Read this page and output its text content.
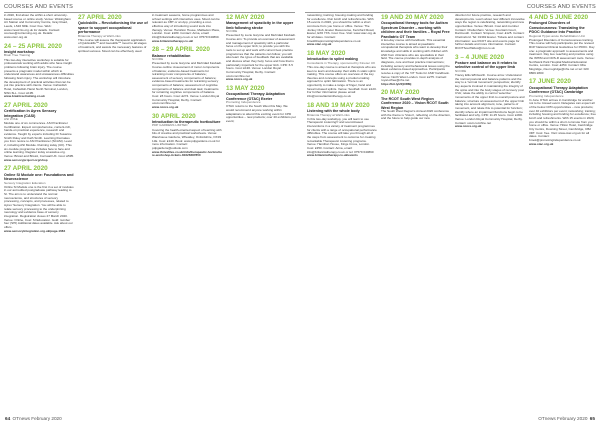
COURSES AND EVENTS	COURSES AND EVENTS

in 2020, find about the within a short university-based course or online study. Venue: Wokingham Art Station and Community Centre, Gray Road, Leeds, LS16 6RE. Cost: free. Web: www.crescrnts.org.uk for details. Contact: courses@cotnursing.org.uk. Details: www.otsrc.org.uk

24 – 25 APRIL 2020

Insight workshop

Brain Tree Training

This two-day interactive workshop is suitable for professionals working with adults who have insight problems following brain injury. The course presents a pragmatic model within which to understand awareness and unawareness difficulties following brain injury. The workshop will introduce the development of practical activities that can be put into practice with clients. Venue: Cahwdish Hotel, Cahwdish-Hazel North Terminal, London, NW1 6LL. Cost: £195.

www.braintreetraining.co.uk

27 APRIL 2020

Certification in Ayres Sensory Integration (CASI)

ASI WISE

Module one of six commences. ASI Practitioner Certification. Expect comprehensive, content-rich, hands-on practical experience, research and evidence. Taught by experts including Dr Susanne Smith Roley and Kath Smith. Learning that takes you from novice to ASI Practitioner (SCASI). Level 2, including ASI Module. Running today (UK). This six-module programme includes face to face and online learning. Register today at asiwise.org. Venue: Bristol and Bristol, Cornwall UK. Cost: £595.

www.sensoryproject.org/shop

27 APRIL 2020

Online SI Module one: Foundations and Neuroscience

Sensory Integration Education

Online SI Module one is the first in a set of modules in our accredited postgraduate pathway leading to SI. The aim is to understand the normal neuroscience, and structures of sensory processing, concepts, and processes, related to Ayres' Sensory Integration. You will be able to relate sensory processing to the underpinning neurology and evidence base of sensory integration. Registration closes 27 March 2020. Venue: Online, Cost: SI Education. Gold: number four (SHI) Additional dates available. Ask about our offers.

www.sensoryintegration.org.uk/page-1684

27 APRIL 2020

Quickskills – Revolutionising the use of space to support occupational performance

Britannia Therapy at Wall Links

This course will assess the therapeutic application of Quickskills™ and Geoskills™ mood to all stages of treatment, and assists the necessary features of spiritual success. Mood can be effectively used

in treatment seasons, home programmes and school settings with interactive uses. Mood can be relevant as CBT or an App, providing a cost-effective way of introducing sound tools into therapy. Venue: Hamilton House, Mabledon Place, London. Cost: £180. Contact: Anna, email: info@britanniatherapy.co.uk or tel: 07579 640890.

www.britanniatherapy.co.uk/

28 – 29 APRIL 2020

Balance rehabilitation

NCORE

Presented by Lucie Gwynne and Mehrdad Kavbadi. Course outline: Assessment of motor components of balance; evidence-based treatments for retraining motor components of balance; assessment of sensory components of balance; evidence-based treatments for retraining sensory components of balance; assessment of cognitive components of balance and dual task; treatments for retraining cognitive components of balance. Cost: £5 hours. Cost: £274. Venue: London Royal Community Hospital, Derby. Contact: ucuti.com/fine.net

www.ncore.org.uk

30 APRIL 2020

Introduction to therapeutic horticulture

PDP GARDENS LIMITED

Covering the health-oriented aspect of learning with bits of creative and practical worksheets. Venue: Warehouse Gardens, Wheatley, Oxfordshire, OX33 1JE. Cost: £140. Book: www.pdpgardens.co.uk for more information. Contact: pdpgardens@outlook.com

www.thrivefiles.co.uk/info/therapeutic-horticulture-workshop-tickets-81626687850

12 MAY 2020

Management of spasticity in the upper limb following stroke

NCORE

Presented by Lucie Gwynne and Mehrdad Kavbadi. Course aim: To provide an overview of assessment and management of spasticity with a particular focus on the upper limb; to provide you with the tools to set up and work with current best practice programmes that the patients can follow; you will also learn the types of feedback that are available and discuss when they help; focus and how that is particularly important for the upper limb. CPD: 6.5 hours. Cost: £130. Venue: London Royal Community Hospital, Derby. Contact: ucuti.com/fine.net

www.ncore.org.uk

13 MAY 2020

Occupational Therapy Adaptation Conference (OTAC) Exeter

Promoting Independence

OTAC returns to the South West this May. We would recommend anyone working within adaptations to attend this exciting event for CPD opportunities – new products; over 40 exhibitors per event;

networking; training; housing making and funding for excellence. Run lunch and refreshments. With 15 events in 2020, you should be within a short commute from you home or office. Venue: The Jockey Club, Exeter Racecourse, Kennford Road, Exeter, EX6 7XS. Cost: free. Visit: www.otac.org.uk for all dates. Contact: brookbhapromotingindependence.co.uk

www.otac.org.uk

18 MAY 2020

Introduction to splint making

Consultants in Therapy, sponsored by Kinetec UK

This one-day course is aimed at therapists who are keen to learn and develop their skills in static splint making. This course offers an overview of the key theories and concepts using a product-making approach to splint fabrication. There is an opportunity to make a range of finger, hand and forearm-based splints. Venue: Southall. Cost: £120. For further information please email: info@consultantsintherapy.co.uk

18 AND 19 MAY 2020

Listening with the whole body

Britannia Therapy at Wall Links

In this two-day workshop, you will learn to use Therapeutic Listening® and sound-based interventions in a variety of treatment programmes for clients with a range of occupational performance difficulties. The course will take you through all of the steps from assessment to outcome for creating remarkable Therapeutic Listening programs. Venue: Hamilton House, Kings Cross, London. Cost: £350. Contact: Anna, email: info@britanniatherapy.co.uk or tel: 07579 640890

www.britanniatherapy.co.uk/events

19 AND 20 MAY 2020

Occupational therapy tools for Autism Spectrum Disorder – working with children and their families – Royal Free Paediatric OT Team

A two-day course with handbook. This essential interactive course is aimed at paediatric occupational therapists who want to develop their knowledge and skills in working with children with ASD from clinicians who are specialists in their field. The course provides in-depth analysis of diagnosis, core and best practice interventions; including sensory and behavioural issues using the latest evidence-based approaches. Participants receive a copy of the 'OT Tools for ASD' handbook. Venue: North West London. Cost: £275. Contact: royal.otfree@nhs.net

https://bit.ly/2ZjDRMj

20 MAY 2020

The RCOT South West Region Conference 2020 – Vision RCOT South West Region

The South West Region's Annual 2020 conference with the theme is 'Vision', reflecting on the direction, and the future to help guide our new

direction for future practice, research and developments. Learn about new different innovative ways the region is celebrating, networking and new opportunities. Venue: Bristol. Cost and member Contact: Cheltenham. Venue: Fountain Court, Dartmouth. Contact: Simpson, Cost: £125. Contact: Chelmsford. Tel: 01392 Exeter. Tickets and contact information: see RCOT site and events page for further details and more information. Contact: RCOTSouthWest@rcot.co.uk

3 – 4 JUNE 2020

Posture and balance as it relates to selective control of the upper limb

NCORE

Tracey Ellis-Whitworth. Course aims: Understand the normal postural and balance patterns and the way to a 'normal movement' perspective; identify key aspects involved in maintaining the integrity of the spine and into the body stages of recovery post CVA; relate the ability to control 'selective' movements of the upper limb to overall posture and balance; structure an assessment of the upper limb taking into account alignment, tone, patterns of movement, and relate this to potential for function; identify where an impairment/functions begin to be facilitated and why. CPD: 11.25 hours. Cost: £300. Venue: London Royal Community Hospital, Derby. Contact: ucuti.com/fine.net

www.ncore.org.uk

4 AND 5 JUNE 2020

Prolonged Disorders of Consciousness: Translating the PDOC Guidance into Practice

Regional Hyper-acute Rehabilitation Unit

Prolonged Disorders of Consciousness training. This course will help participants put the revised RCP National Clinical Guidelines for PDOC. Day one: a pragmatic approach to assessments and treatment. Day two: teaching and practice using the WHIM and CRS-R assessment tools. Venue: Northwick Park Hospital Medical Education Centre, London. Cost: £250. Contact: Rita Mogridge, rita.mogridge@nhs.net or tel: 020 8869 2800

17 JUNE 2020

Occupational Therapy Adaptation Conference (OTAC) Cambridge

Promoting Independence

In June OTAC arrives in Cambridge for another not to be missed event. Delegates can expect all of the below CPD opportunities – new products; over 40 exhibitors per event; networking; training; including housing and funding for excellence; free lunch and refreshments. With 15 events in 2020, you should be within a short commute from your home or office. Venue: Hilton Hotel, Cambridge City Centre, Downing Street, Cambridge, CB2 3DT. Cost: free. Visit: www.otac.org.uk for all dates. Contact: brook@promotingindependence.co.uk

www.otac.org.uk

64 OTnews February 2020	OTnews February 2020 65
